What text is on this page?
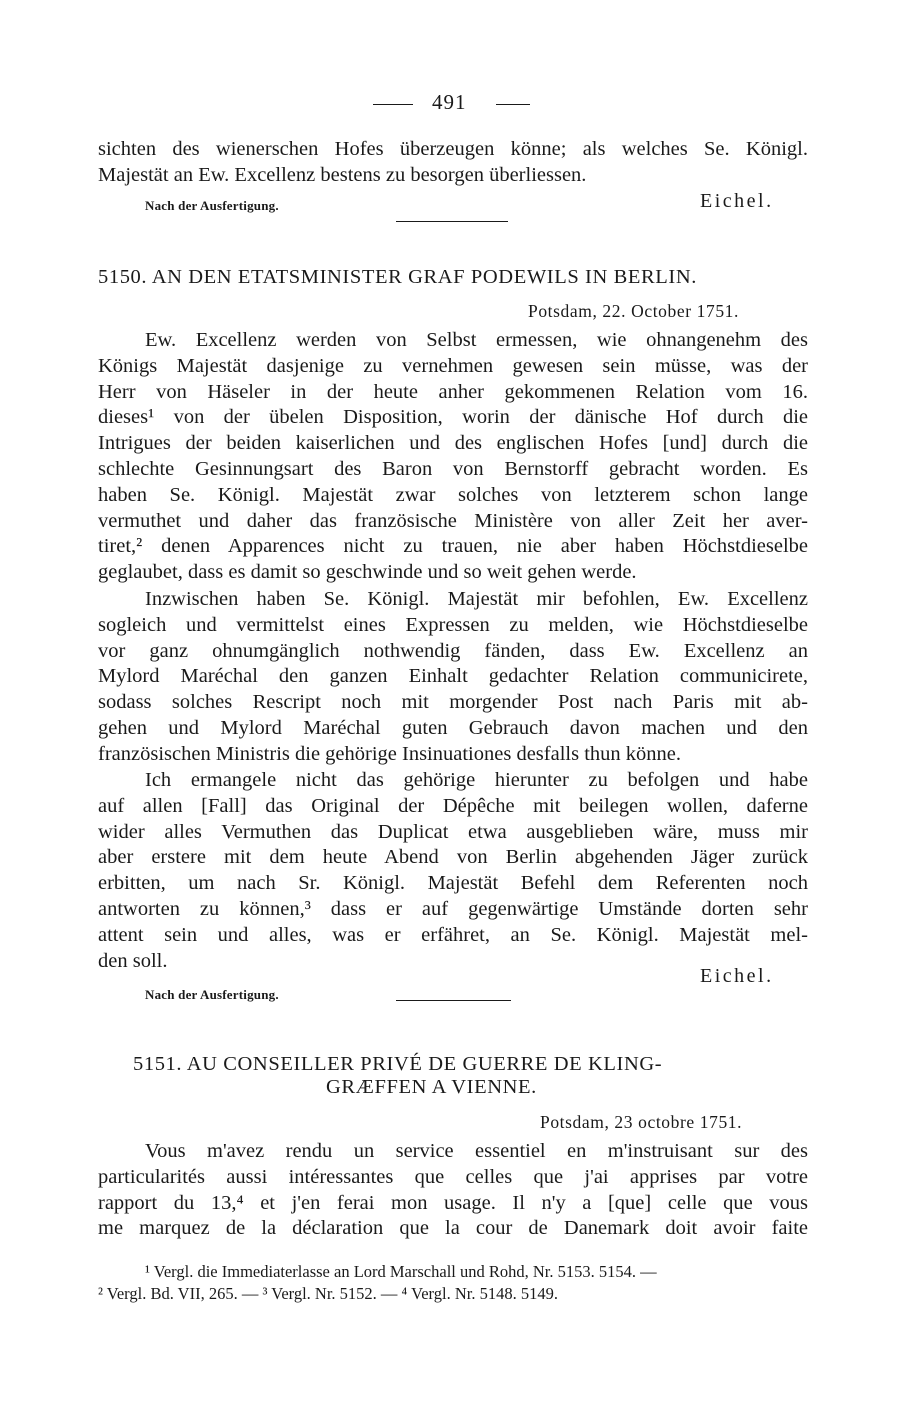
491
sichten des wienerschen Hofes überzeugen könne; als welches Se. Königl.
Majestät an Ew. Excellenz bestens zu besorgen überliessen.
Nach der Ausfertigung.	Eichel.
5150. AN DEN ETATSMINISTER GRAF PODEWILS IN BERLIN.
Potsdam, 22. October 1751.
Ew. Excellenz werden von Selbst ermessen, wie ohnangenehm des
Königs Majestät dasjenige zu vernehmen gewesen sein müsse, was der
Herr von Häseler in der heute anher gekommenen Relation vom 16.
dieses¹ von der übelen Disposition, worin der dänische Hof durch die
Intrigues der beiden kaiserlichen und des englischen Hofes [und] durch die
schlechte Gesinnungsart des Baron von Bernstorff gebracht worden. Es
haben Se. Königl. Majestät zwar solches von letzterem schon lange
vermuthet und daher das französische Ministère von aller Zeit her aver-
tiret,² denen Apparences nicht zu trauen, nie aber haben Höchstdieselbe
geglaubet, dass es damit so geschwinde und so weit gehen werde.
Inzwischen haben Se. Königl. Majestät mir befohlen, Ew. Excellenz
sogleich und vermittelst eines Expressen zu melden, wie Höchstdieselbe
vor ganz ohnumgänglich nothwendig fänden, dass Ew. Excellenz an
Mylord Maréchal den ganzen Einhalt gedachter Relation communicirete,
sodass solches Rescript noch mit morgender Post nach Paris mit ab-
gehen und Mylord Maréchal guten Gebrauch davon machen und den
französischen Ministris die gehörige Insinuationes desfalls thun könne.
Ich ermangele nicht das gehörige hierunter zu befolgen und habe
auf allen [Fall] das Original der Dépêche mit beilegen wollen, daferne
wider alles Vermuthen das Duplicat etwa ausgeblieben wäre, muss mir
aber erstere mit dem heute Abend von Berlin abgehenden Jäger zurück
erbitten, um nach Sr. Königl. Majestät Befehl dem Referenten noch
antworten zu können,³ dass er auf gegenwärtige Umstände dorten sehr
attent sein und alles, was er erfähret, an Se. Königl. Majestät mel-
den soll.
Eichel.
Nach der Ausfertigung.
5151. AU CONSEILLER PRIVÉ DE GUERRE DE KLING-
GRÆFFEN A VIENNE.
Potsdam, 23 octobre 1751.
Vous m'avez rendu un service essentiel en m'instruisant sur des
particularités aussi intéressantes que celles que j'ai apprises par votre
rapport du 13,⁴ et j'en ferai mon usage. Il n'y a [que] celle que vous
me marquez de la déclaration que la cour de Danemark doit avoir faite
¹ Vergl. die Immediaterlasse an Lord Marschall und Rohd, Nr. 5153. 5154. —
² Vergl. Bd. VII, 265. — ³ Vergl. Nr. 5152. — ⁴ Vergl. Nr. 5148. 5149.
